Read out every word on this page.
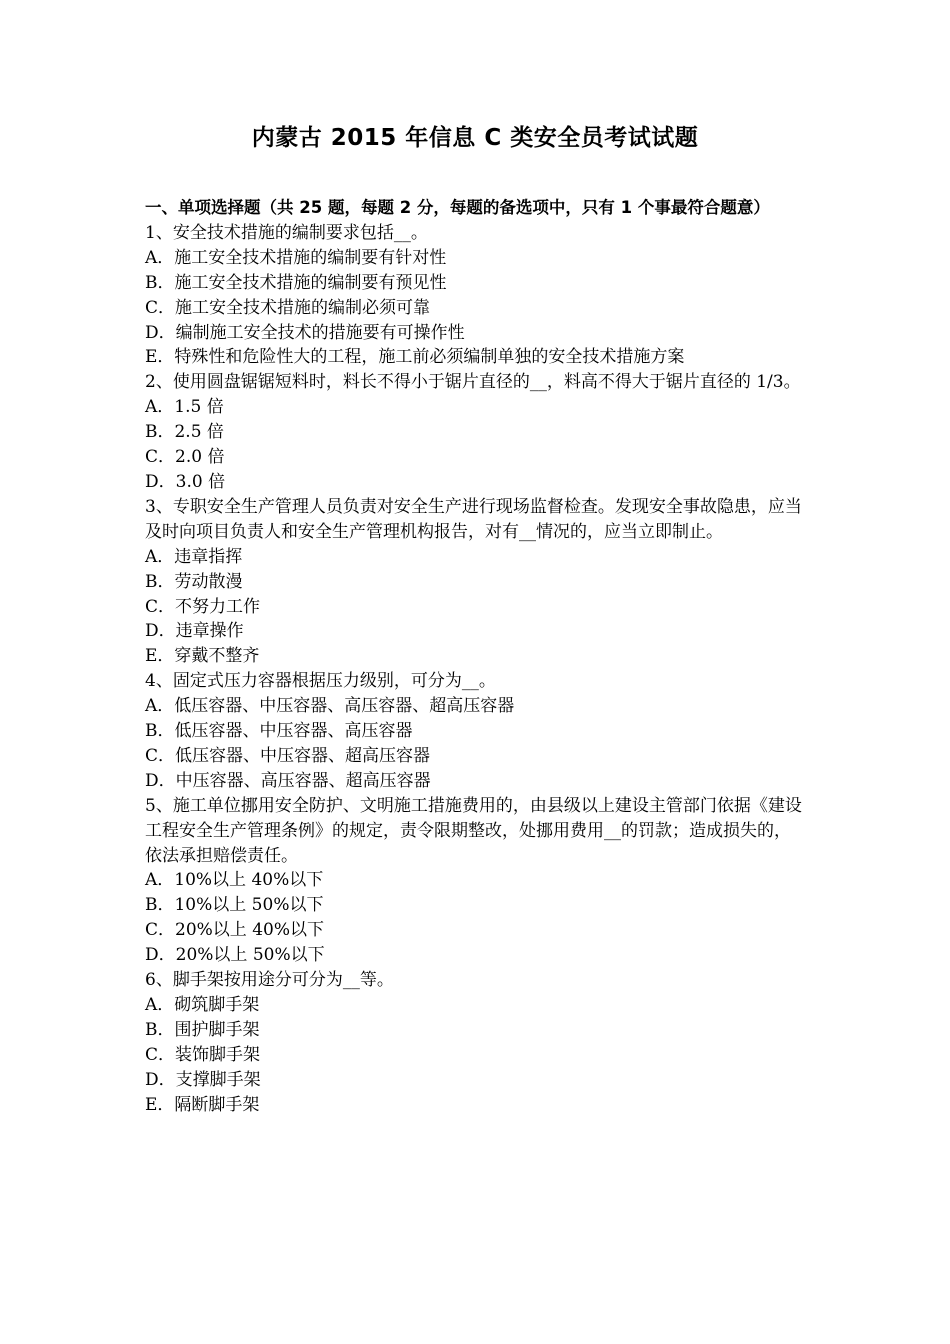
内蒙古 2015 年信息 C 类安全员考试试题

一、单项选择题（共 25 题，每题 2 分，每题的备选项中，只有 1 个事最符合题意）

1、安全技术措施的编制要求包括__。

A．施工安全技术措施的编制要有针对性

B．施工安全技术措施的编制要有预见性

C．施工安全技术措施的编制必须可靠

D．编制施工安全技术的措施要有可操作性

E．特殊性和危险性大的工程，施工前必须编制单独的安全技术措施方案

2、使用圆盘锯锯短料时，料长不得小于锯片直径的__，料高不得大于锯片直径的 1/3。

A．1.5 倍

B．2.5 倍

C．2.0 倍

D．3.0 倍

3、专职安全生产管理人员负责对安全生产进行现场监督检查。发现安全事故隐患，应当及时向项目负责人和安全生产管理机构报告，对有__情况的，应当立即制止。

A．违章指挥

B．劳动散漫

C．不努力工作

D．违章操作

E．穿戴不整齐

4、固定式压力容器根据压力级别，可分为__。

A．低压容器、中压容器、高压容器、超高压容器

B．低压容器、中压容器、高压容器

C．低压容器、中压容器、超高压容器

D．中压容器、高压容器、超高压容器

5、施工单位挪用安全防护、文明施工措施费用的，由县级以上建设主管部门依据《建设工程安全生产管理条例》的规定，责令限期整改，处挪用费用__的罚款；造成损失的，依法承担赔偿责任。

A．10%以上 40%以下

B．10%以上 50%以下

C．20%以上 40%以下

D．20%以上 50%以下

6、脚手架按用途分可分为__等。

A．砌筑脚手架

B．围护脚手架

C．装饰脚手架

D．支撑脚手架

E．隔断脚手架
